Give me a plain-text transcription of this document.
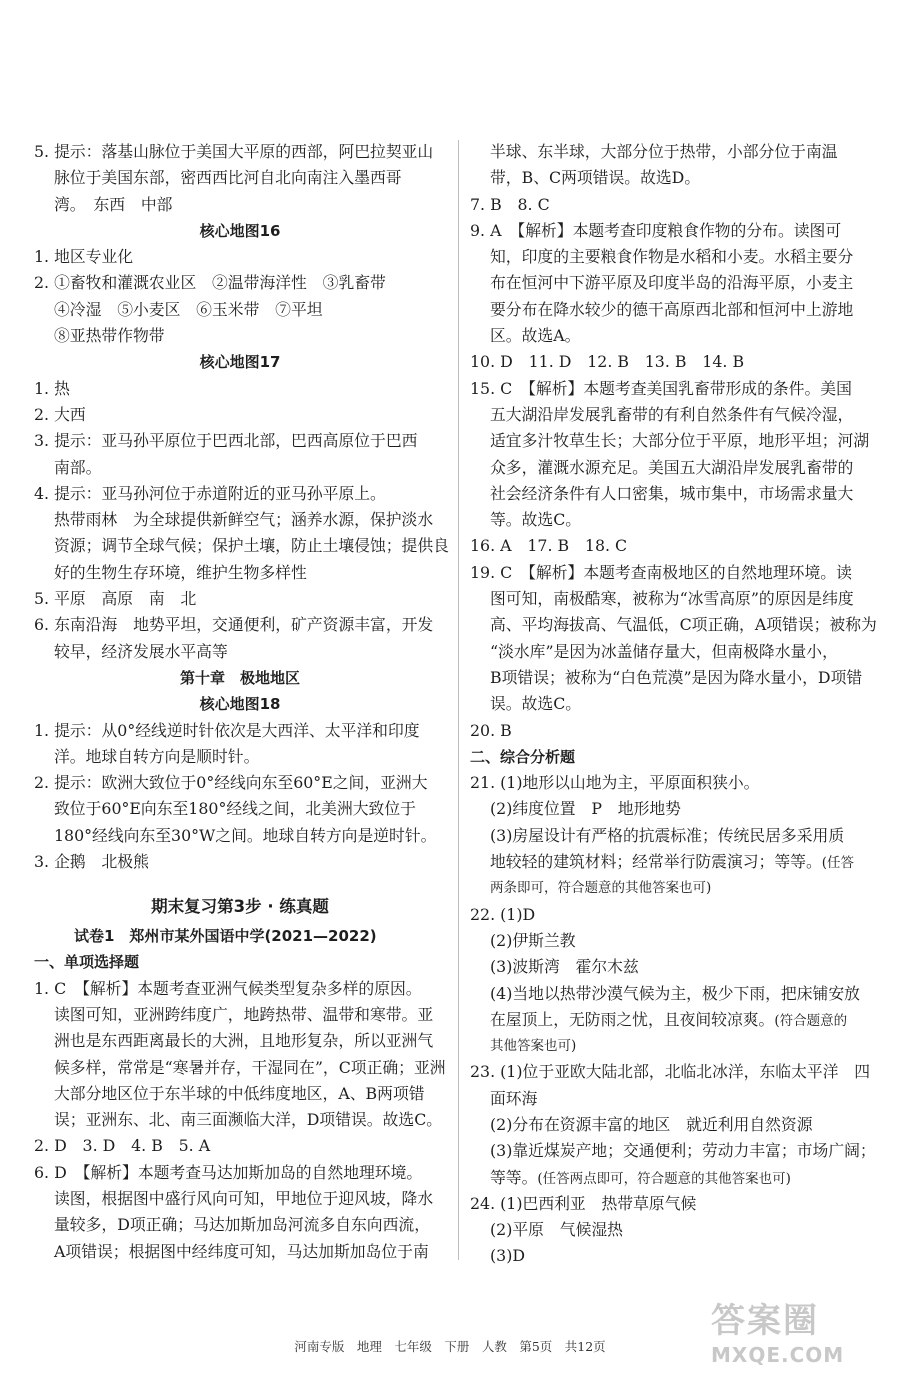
5. 提示：落基山脉位于美国大平原的西部，阿巴拉契亚山
脉位于美国东部，密西西比河自北向南注入墨西哥
湾。　东西　中部
核心地图16
1. 地区专业化
2. ①畜牧和灌溉农业区　②温带海洋性　③乳畜带
④冷湿　⑤小麦区　⑥玉米带　⑦平坦
⑧亚热带作物带
核心地图17
1. 热
2. 大西
3. 提示：亚马孙平原位于巴西北部，巴西高原位于巴西
南部。
4. 提示：亚马孙河位于赤道附近的亚马孙平原上。
热带雨林　为全球提供新鲜空气；涵养水源，保护淡水
资源；调节全球气候；保护土壤，防止土壤侵蚀；提供良
好的生物生存环境，维护生物多样性
5. 平原　高原　南　北
6. 东南沿海　地势平坦，交通便利，矿产资源丰富，开发
较早，经济发展水平高等
第十章　极地地区
核心地图18
1. 提示：从0°经线逆时针依次是大西洋、太平洋和印度
洋。地球自转方向是顺时针。
2. 提示：欧洲大致位于0°经线向东至60°E之间，亚洲大
致位于60°E向东至180°经线之间，北美洲大致位于
180°经线向东至30°W之间。地球自转方向是逆时针。
3. 企鹅　北极熊
期末复习第3步 · 练真题
试卷1　郑州市某外国语中学(2021—2022)
一、单项选择题
1. C　【解析】本题考查亚洲气候类型复杂多样的原因。
读图可知，亚洲跨纬度广，地跨热带、温带和寒带。亚
洲也是东西距离最长的大洲，且地形复杂，所以亚洲气
候多样，常常是“寒暑并存，干湿同在”，C项正确；亚洲
大部分地区位于东半球的中低纬度地区，A、B两项错
误；亚洲东、北、南三面濒临大洋，D项错误。故选C。
2. D　3. D　4. B　5. A
6. D　【解析】本题考查马达加斯加岛的自然地理环境。
读图，根据图中盛行风向可知，甲地位于迎风坡，降水
量较多，D项正确；马达加斯加岛河流多自东向西流，
A项错误；根据图中经纬度可知，马达加斯加岛位于南
半球、东半球，大部分位于热带，小部分位于南温
带，B、C两项错误。故选D。
7. B　8. C
9. A　【解析】本题考查印度粮食作物的分布。读图可
知，印度的主要粮食作物是水稻和小麦。水稻主要分
布在恒河中下游平原及印度半岛的沿海平原，小麦主
要分布在降水较少的德干高原西北部和恒河中上游地
区。故选A。
10. D　11. D　12. B　13. B　14. B
15. C　【解析】本题考查美国乳畜带形成的条件。美国
五大湖沿岸发展乳畜带的有利自然条件有气候冷湿，
适宜多汁牧草生长；大部分位于平原，地形平坦；河湖
众多，灌溉水源充足。美国五大湖沿岸发展乳畜带的
社会经济条件有人口密集，城市集中，市场需求量大
等。故选C。
16. A　17. B　18. C
19. C　【解析】本题考查南极地区的自然地理环境。读
图可知，南极酷寒，被称为“冰雪高原”的原因是纬度
高、平均海拔高、气温低，C项正确，A项错误；被称为
“淡水库”是因为冰盖储存量大，但南极降水量小，
B项错误；被称为“白色荒漠”是因为降水量小，D项错
误。故选C。
20. B
二、综合分析题
21. (1)地形以山地为主，平原面积狭小。
(2)纬度位置　P　地形地势
(3)房屋设计有严格的抗震标准；传统民居多采用质
地较轻的建筑材料；经常举行防震演习；等等。(任答
两条即可，符合题意的其他答案也可)
22. (1)D
(2)伊斯兰教
(3)波斯湾　霍尔木兹
(4)当地以热带沙漠气候为主，极少下雨，把床铺安放
在屋顶上，无防雨之忧，且夜间较凉爽。(符合题意的
其他答案也可)
23. (1)位于亚欧大陆北部，北临北冰洋，东临太平洋　四
面环海
(2)分布在资源丰富的地区　就近利用自然资源
(3)靠近煤炭产地；交通便利；劳动力丰富；市场广阔；
等等。(任答两点即可，符合题意的其他答案也可)
24. (1)巴西利亚　热带草原气候
(2)平原　气候湿热
(3)D
河南专版　地理　七年级　下册　人教　第5页　共12页
答案圈
MXQE.COM
